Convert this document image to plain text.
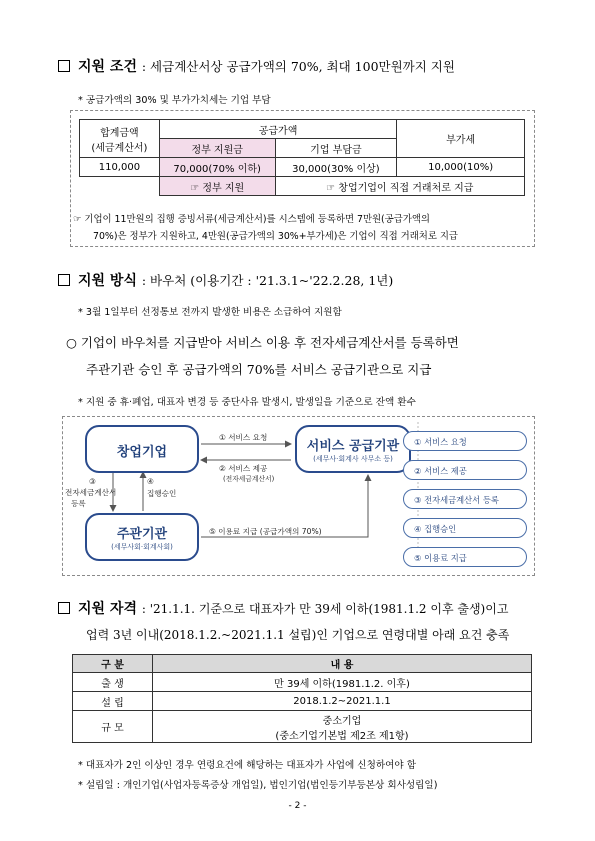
지원 조건 : 세금계산서상 공급가액의 70%, 최대 100만원까지 지원
* 공급가액의 30% 및 부가가치세는 기업 부담
합계금액
(세금계산서)	공급가액		부가세
	정부 지원금	기업 부담금	
110,000	70,000(70% 이하)	30,000(30% 이상)	10,000(10%)
	☞ 정부 지원	☞ 창업기업이 직접 거래처로 지급	
☞ 기업이 11만원의 집행 증빙서류(세금계산서)를 시스템에 등록하면 7만원(공급가액의
70%)은 정부가 지원하고, 4만원(공급가액의 30%+부가세)은 기업이 직접 거래처로 지급
지원 방식 : 바우처 (이용기간 : '21.3.1~'22.2.28, 1년)
* 3월 1일부터 선정통보 전까지 발생한 비용은 소급하여 지원함
○ 기업이 바우처를 지급받아 서비스 이용 후 전자세금계산서를 등록하면
주관기관 승인 후 공급가액의 70%를 서비스 공급기관으로 지급
* 지원 중 휴·폐업, 대표자 변경 등 중단사유 발생시, 발생일을 기준으로 잔액 환수
창업기업	서비스 공급기관
(세무사·회계사 사무소 등)
주관기관
(세무사회·회계사회)
① 서비스 요청
② 서비스 제공
(전자세금계산서)
③
전자세금계산서
등록
④
집행승인
⑤ 이용료 지급 (공급가액의 70%)
① 서비스 요청
② 서비스 제공
③ 전자세금계산서 등록
④ 집행승인
⑤ 이용료 지급
지원 자격 : '21.1.1. 기준으로 대표자가 만 39세 이하(1981.1.2 이후 출생)이고
업력 3년 이내(2018.1.2.~2021.1.1 설립)인 기업으로 연령대별 아래 요건 충족
구 분	내 용
출 생	만 39세 이하(1981.1.2. 이후)
설 립	2018.1.2~2021.1.1
규 모	중소기업
(중소기업기본법 제2조 제1항)
* 대표자가 2인 이상인 경우 연령요건에 해당하는 대표자가 사업에 신청하여야 함
* 설립일 : 개인기업(사업자등록증상 개업일), 법인기업(법인등기부등본상 회사성립일)
- 2 -
